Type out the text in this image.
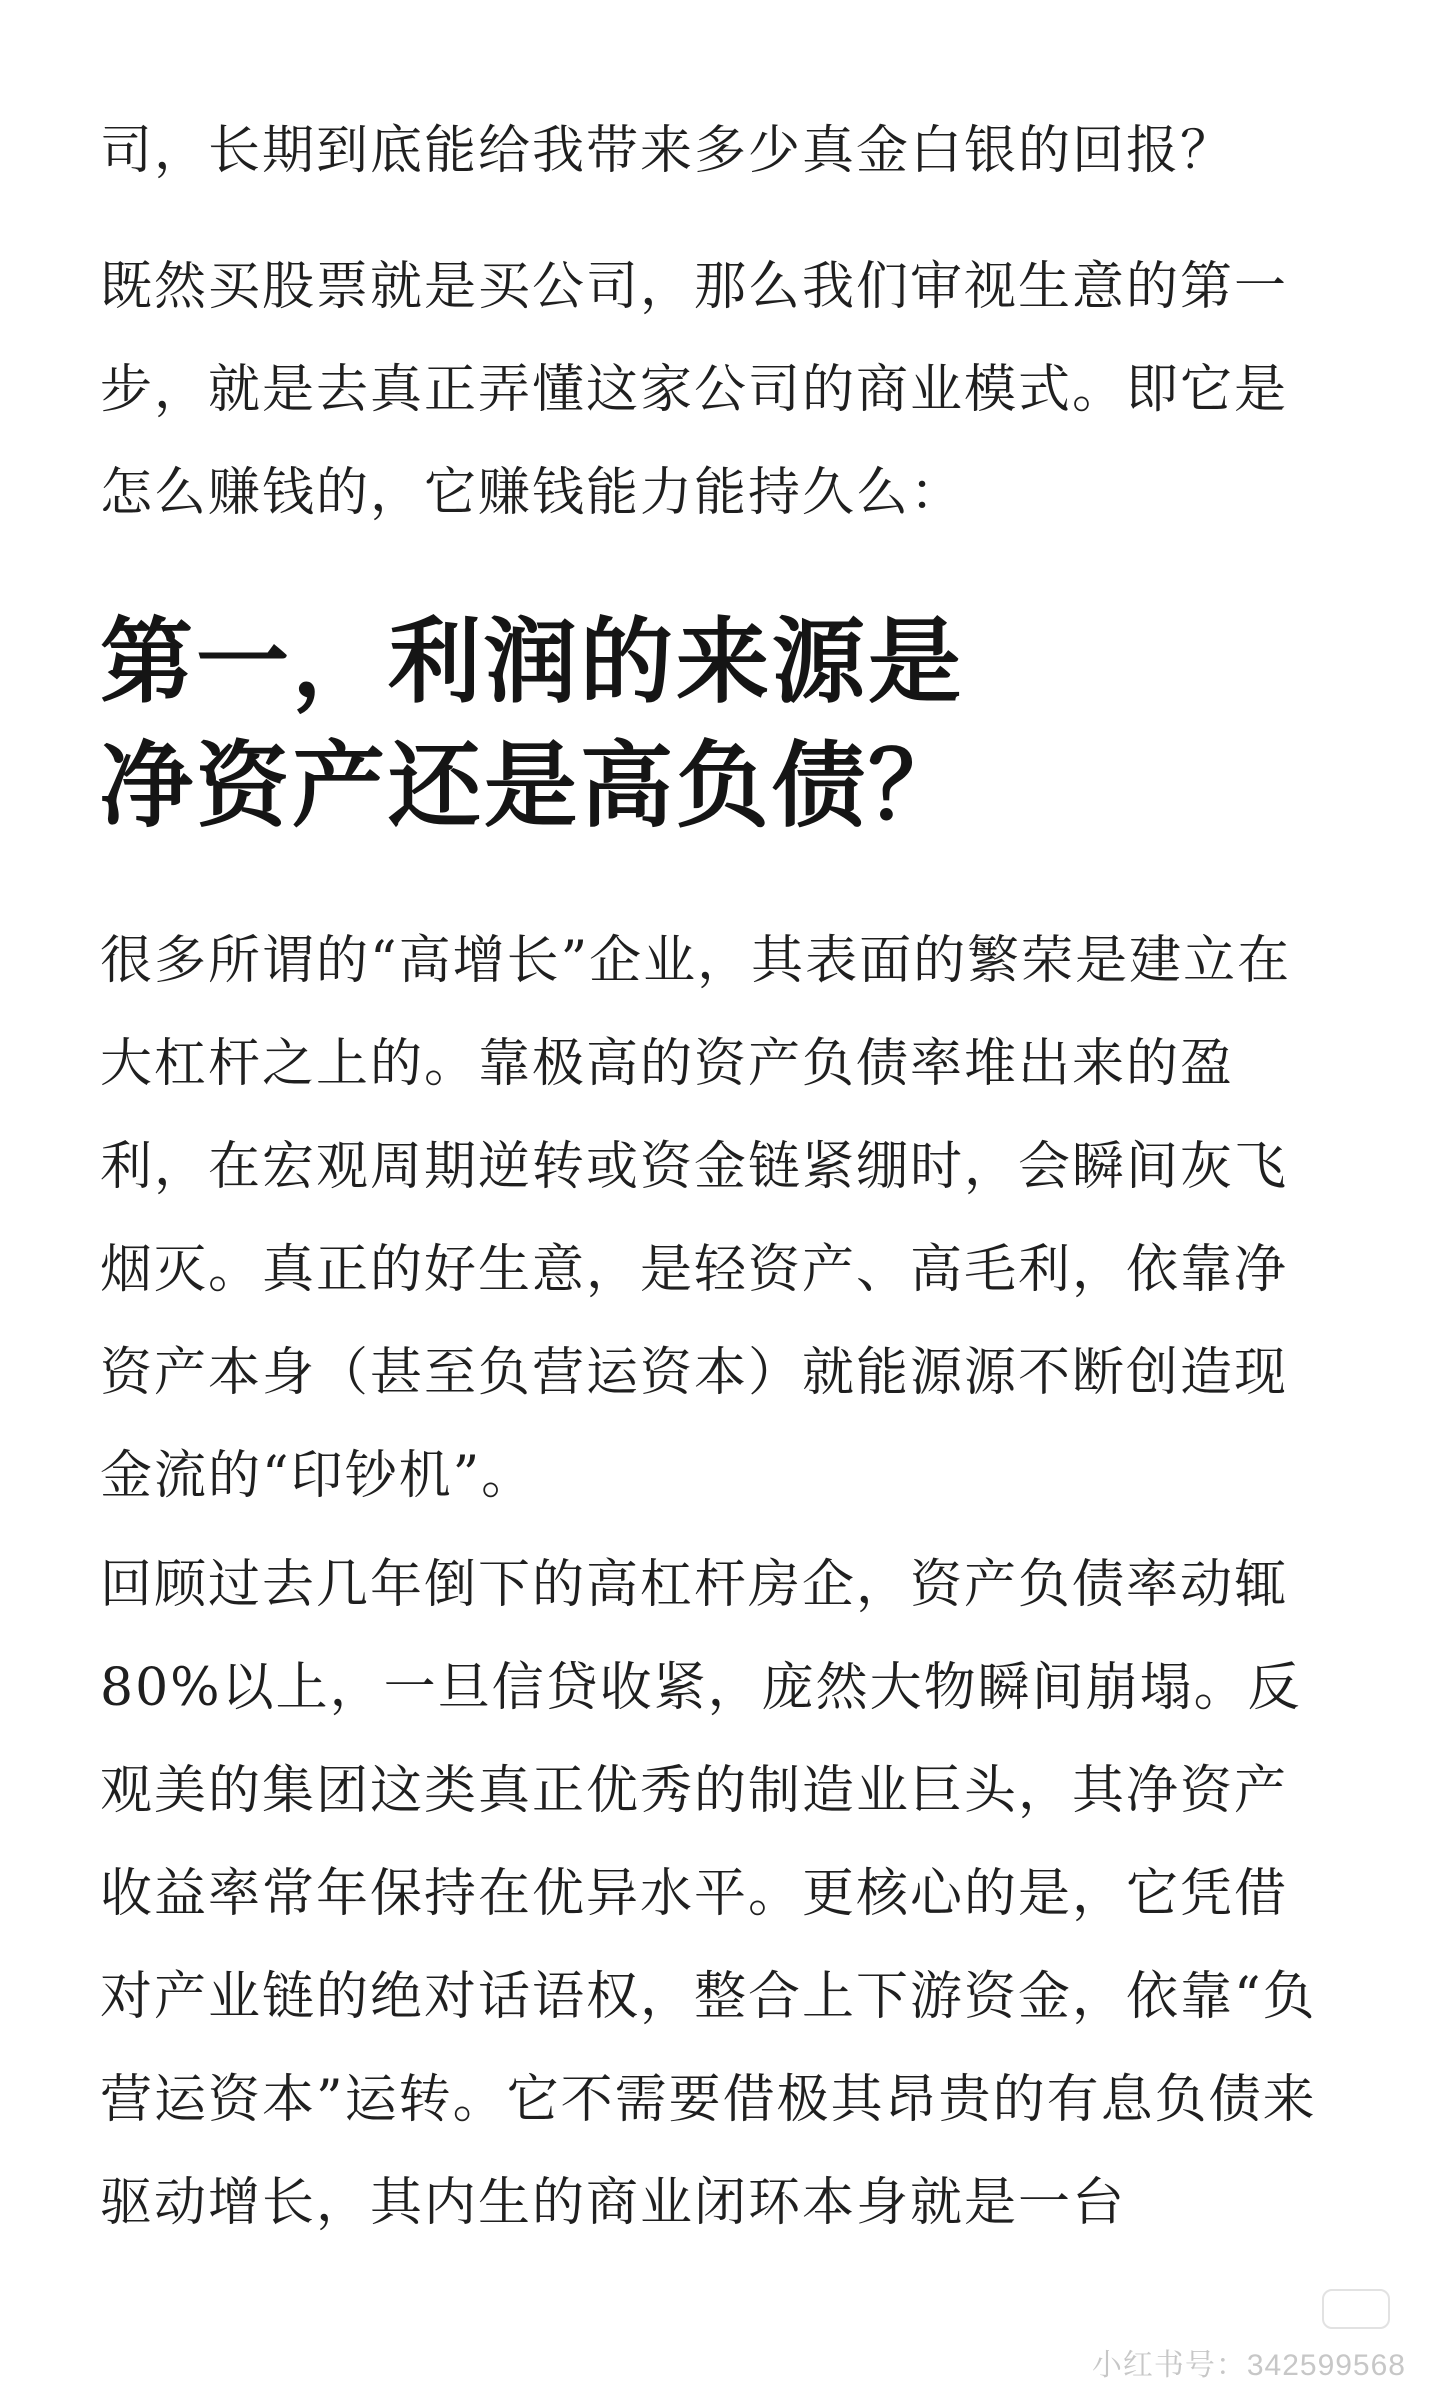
司，长期到底能给我带来多少真金白银的回报？

既然买股票就是买公司，那么我们审视生意的第一步，就是去真正弄懂这家公司的商业模式。即它是怎么赚钱的，它赚钱能力能持久么：

第一，利润的来源是
净资产还是高负债？

很多所谓的“高增长”企业，其表面的繁荣是建立在大杠杆之上的。靠极高的资产负债率堆出来的盈利，在宏观周期逆转或资金链紧绷时，会瞬间灰飞烟灭。真正的好生意，是轻资产、高毛利，依靠净资产本身（甚至负营运资本）就能源源不断创造现金流的“印钞机”。

回顾过去几年倒下的高杠杆房企，资产负债率动辄80%以上，一旦信贷收紧，庞然大物瞬间崩塌。反观美的集团这类真正优秀的制造业巨头，其净资产收益率常年保持在优异水平。更核心的是，它凭借对产业链的绝对话语权，整合上下游资金，依靠“负营运资本”运转。它不需要借极其昂贵的有息负债来驱动增长，其内生的商业闭环本身就是一台

小红书号：342599568
